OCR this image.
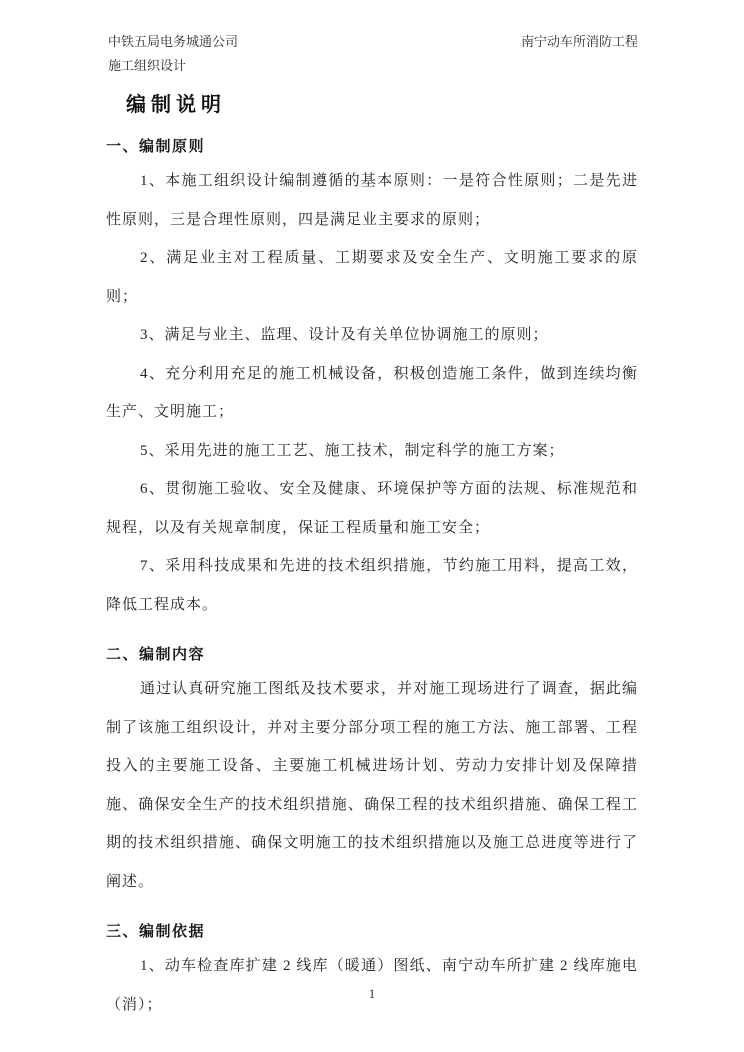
中铁五局电务城通公司
施工组织设计
南宁动车所消防工程
编制说明
一、编制原则

1、本施工组织设计编制遵循的基本原则：一是符合性原则；二是先进性原则，三是合理性原则，四是满足业主要求的原则；

2、满足业主对工程质量、工期要求及安全生产、文明施工要求的原则；

3、满足与业主、监理、设计及有关单位协调施工的原则；

4、充分利用充足的施工机械设备，积极创造施工条件，做到连续均衡生产、文明施工；

5、采用先进的施工工艺、施工技术，制定科学的施工方案；

6、贯彻施工验收、安全及健康、环境保护等方面的法规、标准规范和规程，以及有关规章制度，保证工程质量和施工安全；

7、采用科技成果和先进的技术组织措施，节约施工用料，提高工效，降低工程成本。

二、编制内容

通过认真研究施工图纸及技术要求，并对施工现场进行了调查，据此编制了该施工组织设计，并对主要分部分项工程的施工方法、施工部署、工程投入的主要施工设备、主要施工机械进场计划、劳动力安排计划及保障措施、确保安全生产的技术组织措施、确保工程的技术组织措施、确保工程工期的技术组织措施、确保文明施工的技术组织措施以及施工总进度等进行了阐述。

三、编制依据

1、动车检查库扩建 2 线库（暖通）图纸、南宁动车所扩建 2 线库施电（消）；

1
